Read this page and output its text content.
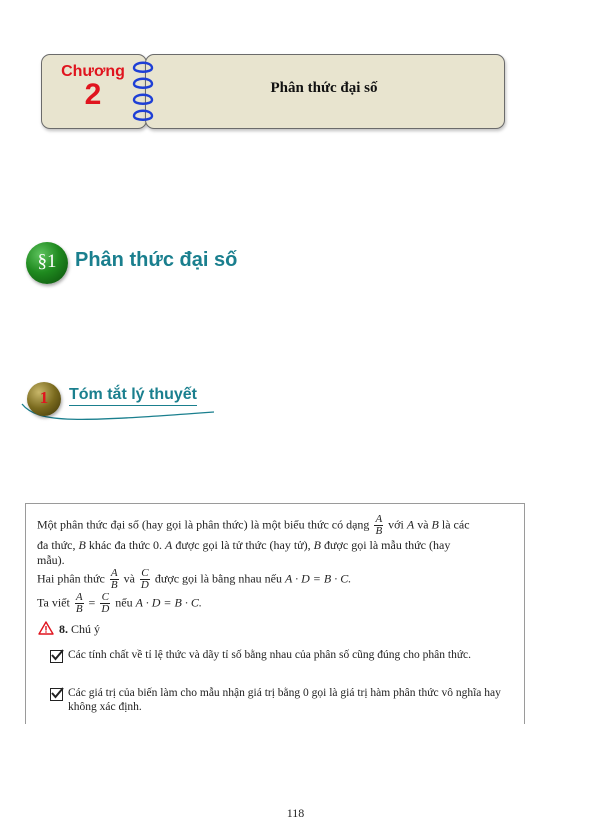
Chương
2	Phân thức đại số
§1 Phân thức đại số
1	Tóm tắt lý thuyết
Một phân thức đại số (hay gọi là phân thức) là một biểu thức có dạng $\frac{A}{B}$ với A và B là các
đa thức, B khác đa thức 0. A được gọi là tử thức (hay tử), B được gọi là mẫu thức (hay
mẫu).
Hai phân thức $\frac{A}{B}$ và $\frac{C}{D}$ được gọi là bằng nhau nếu A · D = B · C.
Ta viết $\frac{A}{B} = \frac{C}{D}$ nếu A · D = B · C.
8. Chú ý
Các tính chất về tỉ lệ thức và dãy tỉ số bằng nhau của phân số cũng đúng cho phân thức.
Các giá trị của biến làm cho mẫu nhận giá trị bằng 0 gọi là giá trị hàm phân thức vô nghĩa hay không xác định.
118
